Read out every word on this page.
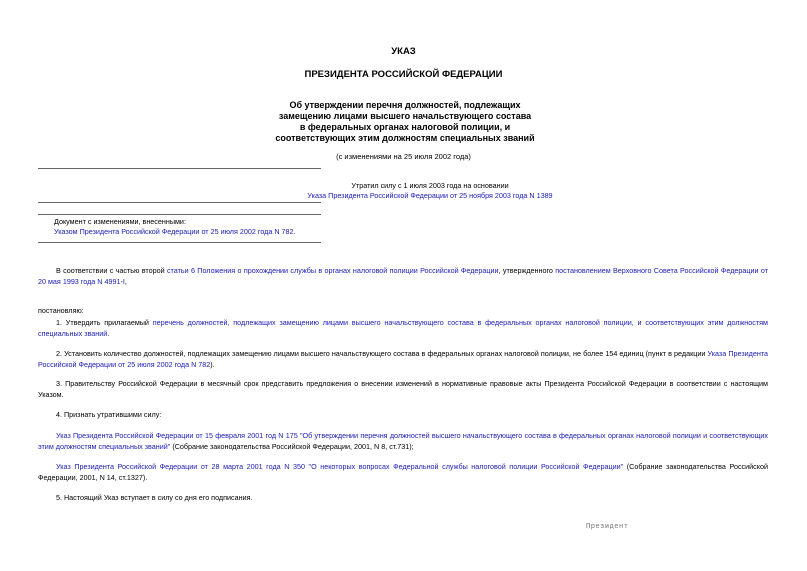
УКАЗ
ПРЕЗИДЕНТА РОССИЙСКОЙ ФЕДЕРАЦИИ
Об утверждении перечня должностей, подлежащих
замещению лицами высшего начальствующего состава
в федеральных органах налоговой полиции, и
соответствующих этим должностям специальных званий
(с изменениями на 25 июля 2002 года)
Утратил силу с 1 июля 2003 года на основании
Указа Президента Российской Федерации от 25 ноября 2003 года N 1389
Документ с изменениями, внесенными:
Указом Президента Российской Федерации от 25 июля 2002 года N 782.
В соответствии с частью второй статьи 6 Положения о прохождении службы в органах налоговой полиции Российской Федерации, утвержденного постановлением Верховного Совета Российской Федерации от 20 мая 1993 года N 4991-I,
постановляю:
1. Утвердить прилагаемый перечень должностей, подлежащих замещению лицами высшего начальствующего состава в федеральных органах налоговой полиции, и соответствующих этим должностям специальных званий.
2. Установить количество должностей, подлежащих замещению лицами высшего начальствующего состава в федеральных органах налоговой полиции, не более 154 единиц (пункт в редакции Указа Президента Российской Федерации от 25 июля 2002 года N 782).
3. Правительству Российской Федерации в месячный срок представить предложения о внесении изменений в нормативные правовые акты Президента Российской Федерации в соответствии с настоящим Указом.
4. Признать утратившими силу:
Указ Президента Российской Федерации от 15 февраля 2001 год N 175 "Об утверждении перечня должностей высшего начальствующего состава в федеральных органах налоговой полиции и соответствующих этим должностям специальных званий" (Собрание законодательства Российской Федерации, 2001, N 8, ст.731);
Указ Президента Российской Федерации от 28 марта 2001 года N 350 "О некоторых вопросах Федеральной службы налоговой полиции Российской Федерации" (Собрание законодательства Российской Федерации, 2001, N 14, ст.1327).
5. Настоящий Указ вступает в силу со дня его подписания.
Президент
